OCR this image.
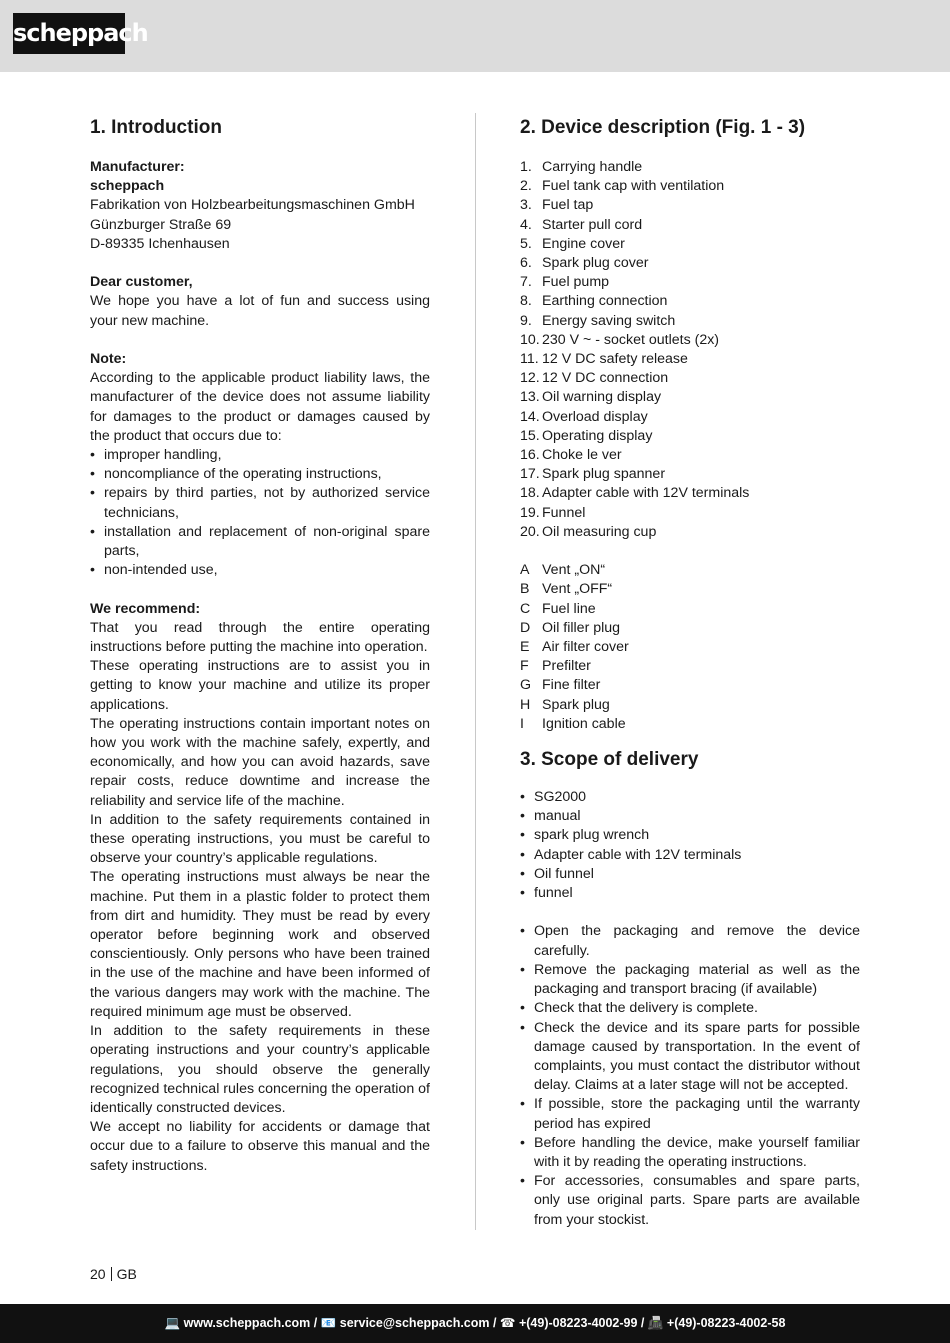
scheppach
1. Introduction
Manufacturer:
scheppach
Fabrikation von Holzbearbeitungsmaschinen GmbH
Günzburger Straße 69
D-89335 Ichenhausen
Dear customer,

We hope you have a lot of fun and success using your new machine.

Note:

According to the applicable product liability laws, the manufacturer of the device does not assume liability for damages to the product or damages caused by the product that occurs due to:

• improper handling,
• noncompliance of the operating instructions,
• repairs by third parties, not by authorized service technicians,
• installation and replacement of non-original spare parts,
• non-intended use,
We recommend:

That you read through the entire operating instructions before putting the machine into operation.

These operating instructions are to assist you in getting to know your machine and utilize its proper applications.

The operating instructions contain important notes on how you work with the machine safely, expertly, and economically, and how you can avoid hazards, save repair costs, reduce downtime and increase the reliability and service life of the machine.

In addition to the safety requirements contained in these operating instructions, you must be careful to observe your country’s applicable regulations.

The operating instructions must always be near the machine. Put them in a plastic folder to protect them from dirt and humidity. They must be read by every operator before beginning work and observed conscientiously. Only persons who have been trained in the use of the machine and have been informed of the various dangers may work with the machine. The required minimum age must be observed.

In addition to the safety requirements in these operating instructions and your country’s applicable regulations, you should observe the generally recognized technical rules concerning the operation of identically constructed devices.

We accept no liability for accidents or damage that occur due to a failure to observe this manual and the safety instructions.

2. Device description (Fig. 1 - 3)
1. Carrying handle
2. Fuel tank cap with ventilation
3. Fuel tap
4. Starter pull cord
5. Engine cover
6. Spark plug cover
7. Fuel pump
8. Earthing connection
9. Energy saving switch
10. 230 V ~ - socket outlets (2x)
11. 12 V DC safety release
12. 12 V DC connection
13. Oil warning display
14. Overload display
15. Operating display
16. Choke le ver
17. Spark plug spanner
18. Adapter cable with 12V terminals
19. Funnel
20. Oil measuring cup
A Vent „ON“
B Vent „OFF“
C Fuel line
D Oil filler plug
E Air filter cover
F Prefilter
G Fine filter
H Spark plug
I	Ignition cable
3. Scope of delivery
• SG2000
• manual
• spark plug wrench
• Adapter cable with 12V terminals
• Oil funnel
• funnel
• Open the packaging and remove the device carefully.
• Remove the packaging material as well as the packaging and transport bracing (if available)
• Check that the delivery is complete.
• Check the device and its spare parts for possible damage caused by transportation. In the event of complaints, you must contact the distributor without delay. Claims at a later stage will not be accepted.
• If possible, store the packaging until the warranty period has expired
• Before handling the device, make yourself familiar with it by reading the operating instructions.
• For accessories, consumables and spare parts, only use original parts. Spare parts are available from your stockist.
20 GB
💻 www.scheppach.com / 📧 service@scheppach.com / ☎ +(49)-08223-4002-99 / 📠 +(49)-08223-4002-58
